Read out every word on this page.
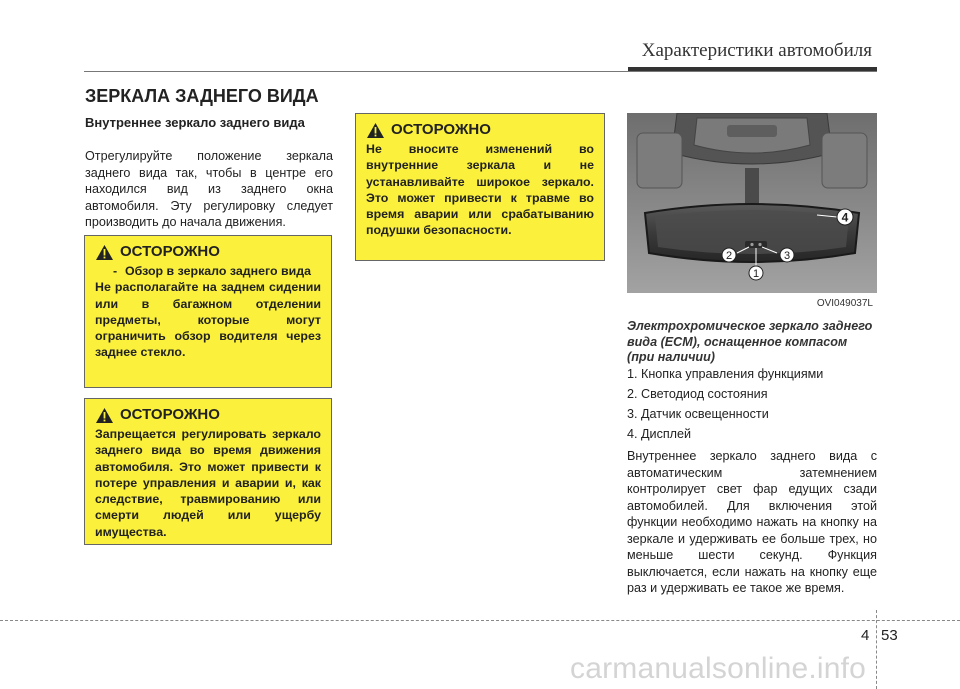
Характеристики автомобиля
ЗЕРКАЛА ЗАДНЕГО ВИДА
Внутреннее зеркало заднего вида
Отрегулируйте положение зеркала заднего вида так, чтобы в центре его находился вид из заднего окна автомобиля. Эту регулировку следует производить до начала движения.
ОСТОРОЖНО
- Обзор в зеркало заднего вида
Не располагайте на заднем сидении или в багажном отделении предметы, которые могут ограничить обзор водителя через заднее стекло.
ОСТОРОЖНО
Запрещается регулировать зеркало заднего вида во время движения автомобиля. Это может привести к потере управления и аварии и, как следствие, травмированию или смерти людей или ущербу имуществa.
ОСТОРОЖНО
Не вносите изменений во внутренние зеркала и не устанавливайте широкое зеркало. Это может привести к травме во время аварии или срабатыванию подушки безопасности.
4
2	3
1
OVI049037L
Электрохромическое зеркало заднего вида (ECM), оснащенное компасом (при наличии)
1. Кнопка управления функциями
2. Светодиод состояния
3. Датчик освещенности
4. Дисплей
Внутреннее зеркало заднего вида с автоматическим затемнением контролирует свет фар едущих сзади автомобилей. Для включения этой функции необходимо нажать на кнопку на зеркале и удерживать ее больше трех, но меньше шести секунд. Функция выключается, если нажать на кнопку еще раз и удерживать ее такое же время.
4 53
carmanualsonline.info
